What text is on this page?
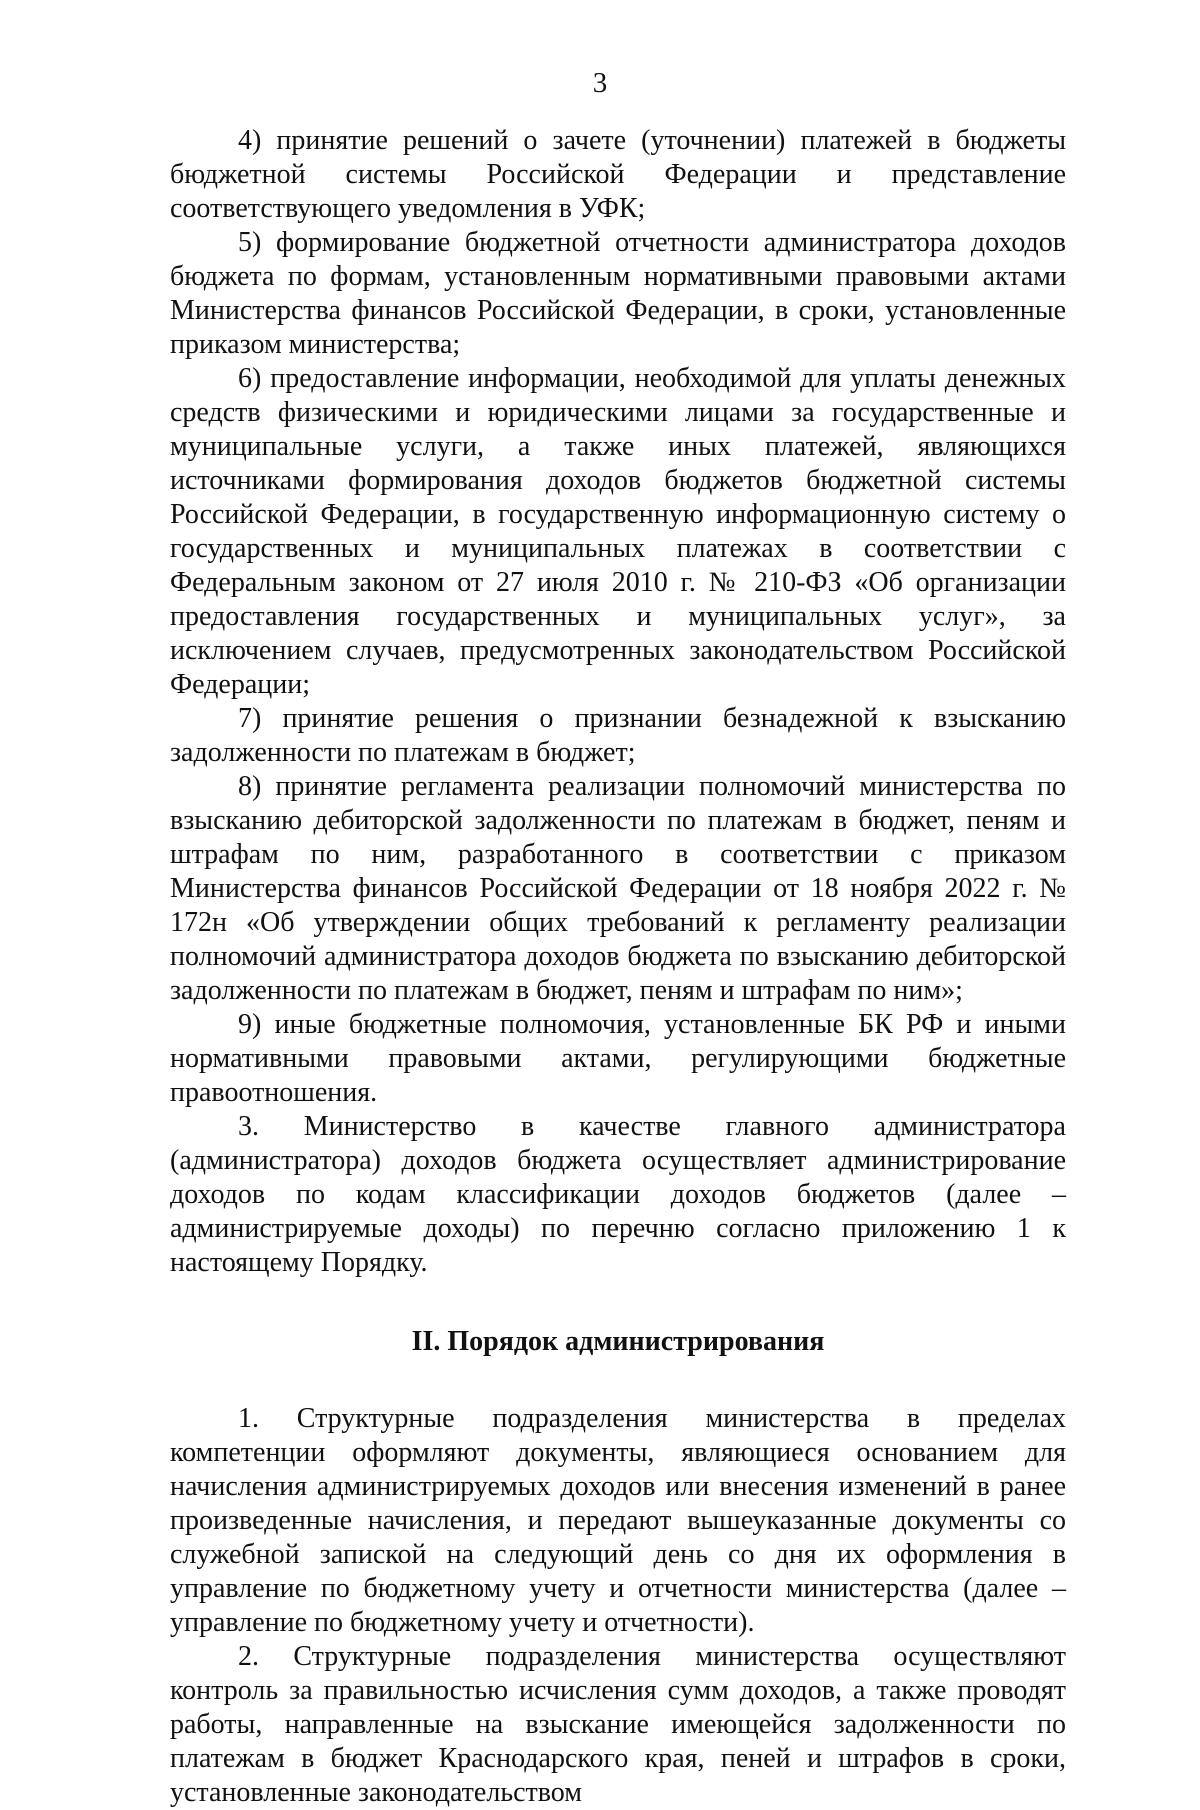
3

4) принятие решений о зачете (уточнении) платежей в бюджеты бюджетной системы Российской Федерации и представление соответствующего уведомления в УФК;

5) формирование бюджетной отчетности администратора доходов бюджета по формам, установленным нормативными правовыми актами Министерства финансов Российской Федерации, в сроки, установленные приказом министерства;

6) предоставление информации, необходимой для уплаты денежных средств физическими и юридическими лицами за государственные и муниципальные услуги, а также иных платежей, являющихся источниками формирования доходов бюджетов бюджетной системы Российской Федерации, в государственную информационную систему о государственных и муниципальных платежах в соответствии с Федеральным законом от 27 июля 2010 г. № 210-ФЗ «Об организации предоставления государственных и муниципальных услуг», за исключением случаев, предусмотренных законодательством Российской Федерации;

7) принятие решения о признании безнадежной к взысканию задолженности по платежам в бюджет;

8) принятие регламента реализации полномочий министерства по взысканию дебиторской задолженности по платежам в бюджет, пеням и штрафам по ним, разработанного в соответствии с приказом Министерства финансов Российской Федерации от 18 ноября 2022 г. № 172н «Об утверждении общих требований к регламенту реализации полномочий администратора доходов бюджета по взысканию дебиторской задолженности по платежам в бюджет, пеням и штрафам по ним»;

9) иные бюджетные полномочия, установленные БК РФ и иными нормативными правовыми актами, регулирующими бюджетные правоотношения.

3. Министерство в качестве главного администратора (администратора) доходов бюджета осуществляет администрирование доходов по кодам классификации доходов бюджетов (далее – администрируемые доходы) по перечню согласно приложению 1 к настоящему Порядку.

II. Порядок администрирования

1. Структурные подразделения министерства в пределах компетенции оформляют документы, являющиеся основанием для начисления администрируемых доходов или внесения изменений в ранее произведенные начисления, и передают вышеуказанные документы со служебной запиской на следующий день со дня их оформления в управление по бюджетному учету и отчетности министерства (далее – управление по бюджетному учету и отчетности).

2. Структурные подразделения министерства осуществляют контроль за правильностью исчисления сумм доходов, а также проводят работы, направленные на взыскание имеющейся задолженности по платежам в бюджет Краснодарского края, пеней и штрафов в сроки, установленные законодательством
